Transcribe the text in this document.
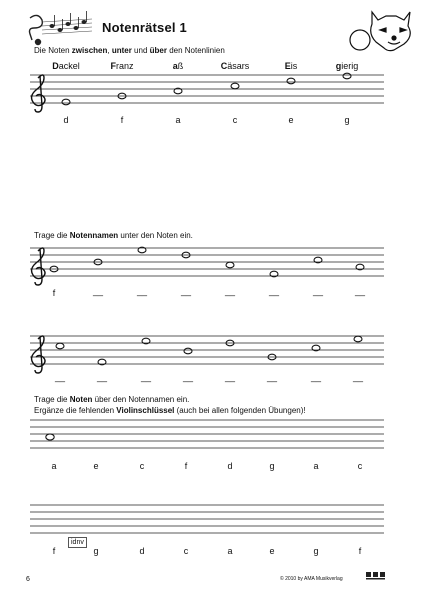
Notenrätsel 1
Die Noten zwischen, unter und über den Notenlinien
Dackel	Franz	aß	Cäsars	Eis	gierig
d	f	a	c	e	g
Trage die Notennamen unter den Noten ein.
f	__	__	__	__	__	__	__
__	__	__	__	__	__	__	__
Trage die Noten über den Notennamen ein.
Ergänze die fehlenden Violinschlüssel (auch bei allen folgenden Übungen)!
a	e	c	f	d	g	a	c
idnv
f	g	d	c	a	e	g	f
6	© 2010 by AMA Musikverlag
